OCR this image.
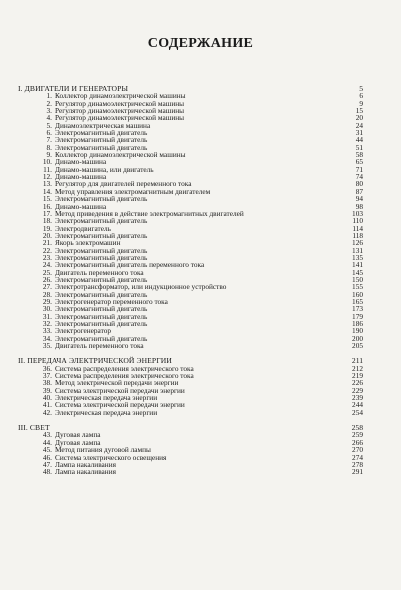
СОДЕРЖАНИЕ
I. ДВИГАТЕЛИ И ГЕНЕРАТОРЫ	5
1. Коллектор динамоэлектрической машины	6
2. Регулятор динамоэлектрической машины	9
3. Регулятор динамоэлектрической машины	15
4. Регулятор динамоэлектрической машины	20
5. Динамоэлектрическая машина	24
6. Электромагнитный двигатель	31
7. Электромагнитный двигатель	44
8. Электромагнитный двигатель	51
9. Коллектор динамоэлектрической машины	58
10. Динамо-машина	65
11. Динамо-машина, или двигатель	71
12. Динамо-машина	74
13. Регулятор для двигателей переменного тока	80
14. Метод управления электромагнитным двигателем	87
15. Электромагнитный двигатель	94
16. Динамо-машина	98
17. Метод приведения в действие электромагнитных двигателей	103
18. Электромагнитный двигатель	110
19. Электродвигатель	114
20. Электромагнитный двигатель	118
21. Якорь электромашин	126
22. Электромагнитный двигатель	131
23. Электромагнитный двигатель	135
24. Электромагнитный двигатель переменного тока	141
25. Двигатель переменного тока	145
26. Электромагнитный двигатель	150
27. Электротрансформатор, или индукционное устройство	155
28. Электромагнитный двигатель	160
29. Электрогенератор переменного тока	165
30. Электромагнитный двигатель	173
31. Электромагнитный двигатель	179
32. Электромагнитный двигатель	186
33. Электрогенератор	190
34. Электромагнитный двигатель	200
35. Двигатель переменного тока	205
II. ПЕРЕДАЧА ЭЛЕКТРИЧЕСКОЙ ЭНЕРГИИ	211
36. Система распределения электрического тока	212
37. Система распределения электрического тока	219
38. Метод электрической передачи энергии	226
39. Система электрической передачи энергии	229
40. Электрическая передача энергии	239
41. Система электрической передачи энергии	244
42. Электрическая передача энергии	254
III. СВЕТ	258
43. Дуговая лампа	259
44. Дуговая лампа	266
45. Метод питания дуговой лампы	270
46. Система электрического освещения	274
47. Лампа накаливания	278
48. Лампа накаливания	291
